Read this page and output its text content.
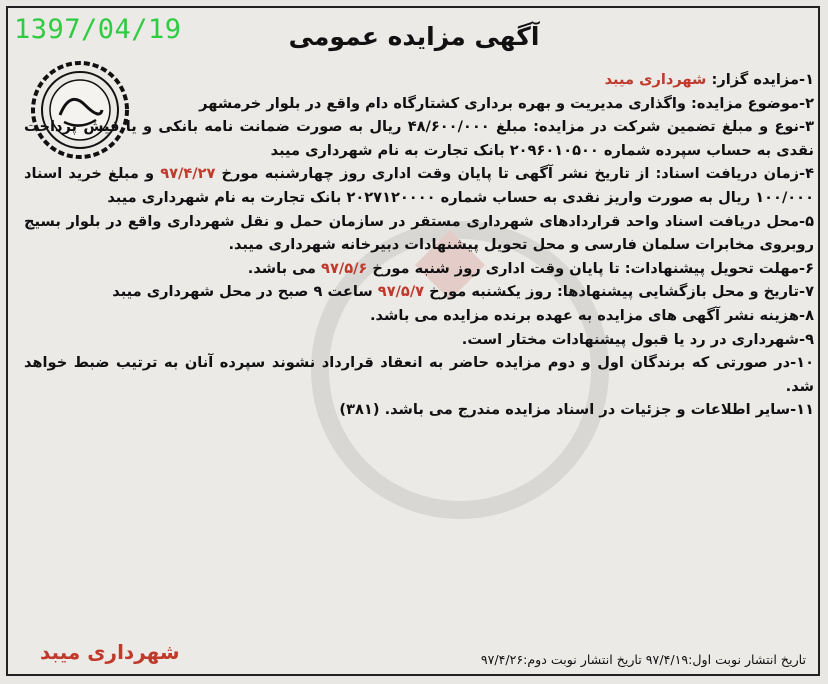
1397/04/19	آگهی مزایده عمومی

۱-مزایده گزار: شهرداری میبد

۲-موضوع مزایده: واگذاری مدیریت و بهره برداری کشتارگاه دام واقع در بلوار خرمشهر

۳-نوع و مبلغ تضمین شرکت در مزایده: مبلغ ۴۸/۶۰۰/۰۰۰ ریال به صورت ضمانت نامه بانکی و یا فیش پرداخت نقدی به حساب سپرده شماره ۲۰۹۶۰۱۰۵۰۰ بانک تجارت به نام شهرداری میبد

۴-زمان دریافت اسناد: از تاریخ نشر آگهی تا پایان وقت اداری روز چهارشنبه مورخ ۹۷/۴/۲۷ و مبلغ خرید اسناد ۱۰۰/۰۰۰ ریال به صورت واریز نقدی به حساب شماره ۲۰۲۷۱۲۰۰۰۰ بانک تجارت به نام شهرداری میبد

۵-محل دریافت اسناد واحد قراردادهای شهرداری مستقر در سازمان حمل و نقل شهرداری واقع در بلوار بسیج روبروی مخابرات سلمان فارسی و محل تحویل پیشنهادات دبیرخانه شهرداری میبد.

۶-مهلت تحویل پیشنهادات: تا پایان وقت اداری روز شنبه مورخ ۹۷/۵/۶ می باشد.

۷-تاریخ و محل بازگشایی پیشنهادها: روز یکشنبه مورخ ۹۷/۵/۷ ساعت ۹ صبح در محل شهرداری میبد

۸-هزینه نشر آگهی های مزایده به عهده برنده مزایده می باشد.

۹-شهرداری در رد یا قبول پیشنهادات مختار است.

۱۰-در صورتی که برندگان اول و دوم مزایده حاضر به انعقاد قرارداد نشوند سپرده آنان به ترتیب ضبط خواهد شد.

۱۱-سایر اطلاعات و جزئیات در اسناد مزایده مندرج می باشد. (۳۸۱)

شهرداری میبد	تاریخ انتشار نوبت اول:۹۷/۴/۱۹ تاریخ انتشار نوبت دوم:۹۷/۴/۲۶
